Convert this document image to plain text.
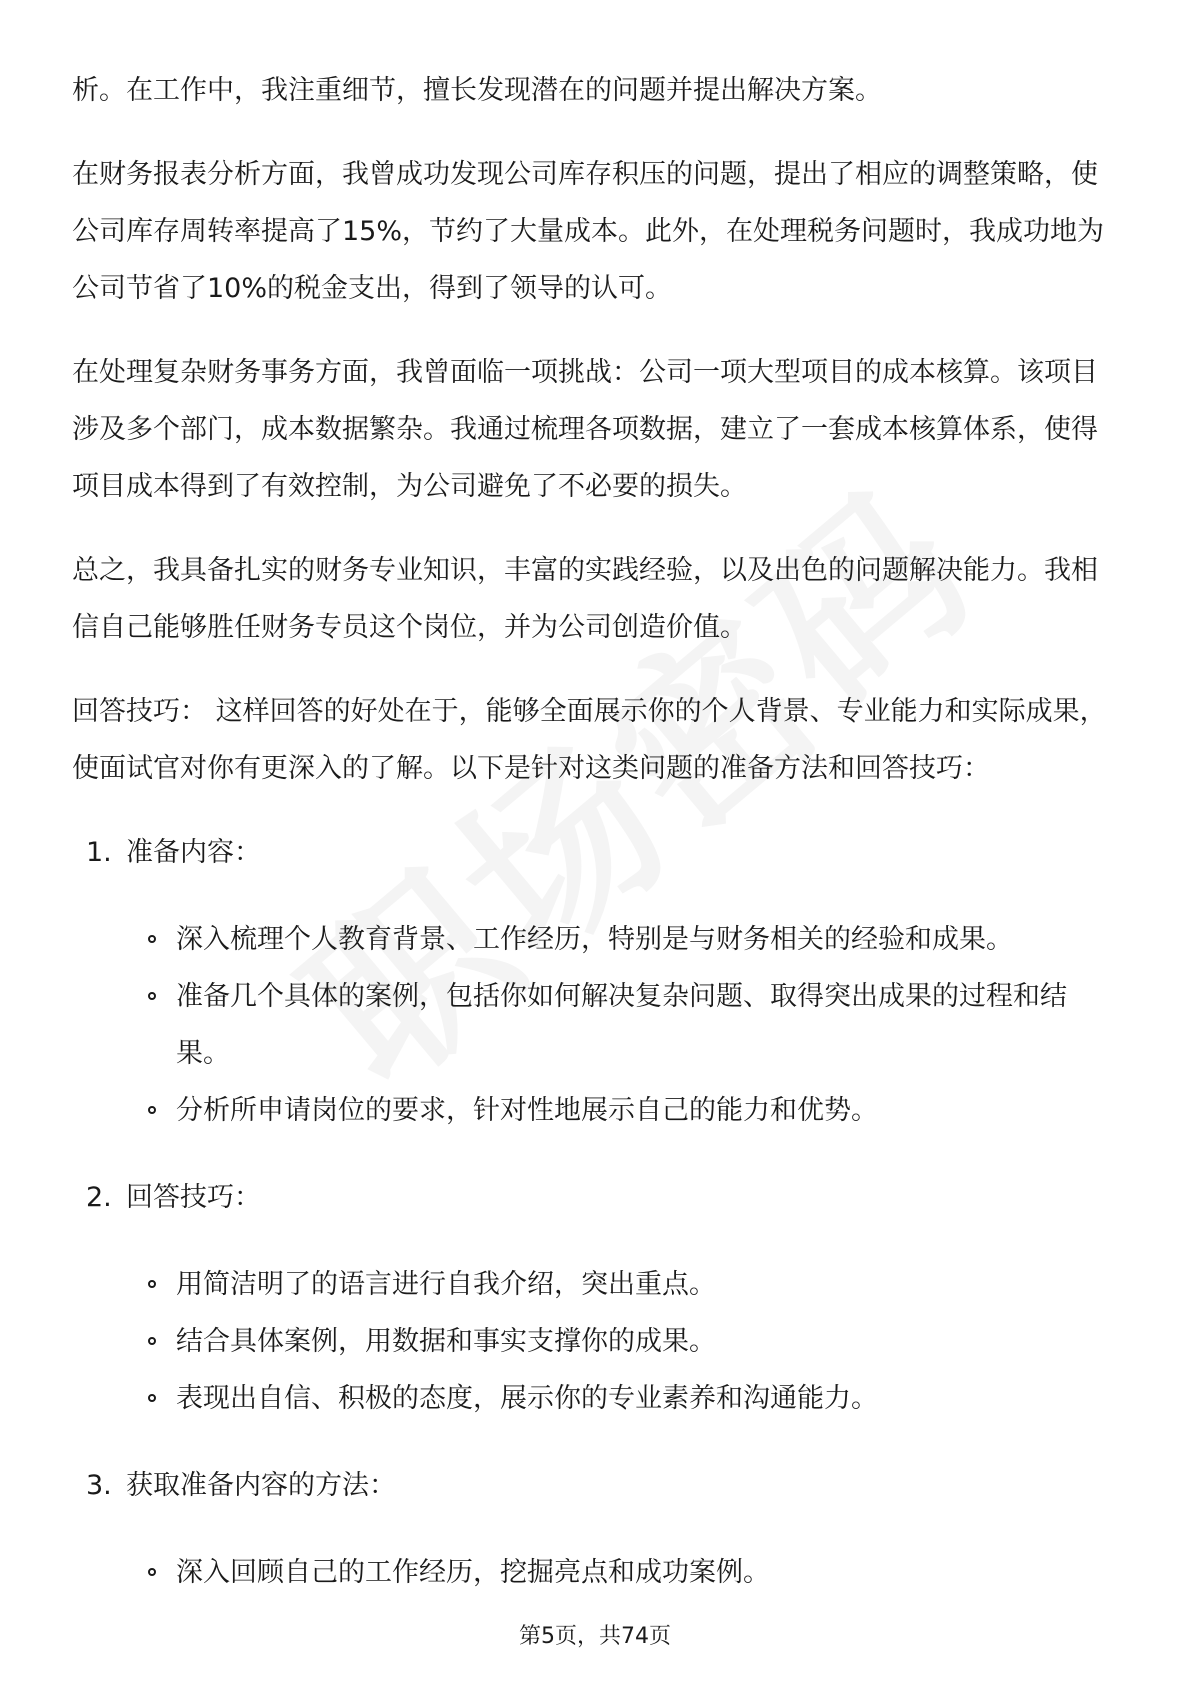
析。在工作中，我注重细节，擅长发现潜在的问题并提出解决方案。

在财务报表分析方面，我曾成功发现公司库存积压的问题，提出了相应的调整策略，使公司库存周转率提高了15%，节约了大量成本。此外，在处理税务问题时，我成功地为公司节省了10%的税金支出，得到了领导的认可。

在处理复杂财务事务方面，我曾面临一项挑战：公司一项大型项目的成本核算。该项目涉及多个部门，成本数据繁杂。我通过梳理各项数据，建立了一套成本核算体系，使得项目成本得到了有效控制，为公司避免了不必要的损失。

总之，我具备扎实的财务专业知识，丰富的实践经验，以及出色的问题解决能力。我相信自己能够胜任财务专员这个岗位，并为公司创造价值。

回答技巧： 这样回答的好处在于，能够全面展示你的个人背景、专业能力和实际成果，使面试官对你有更深入的了解。以下是针对这类问题的准备方法和回答技巧：

1. 准备内容：
深入梳理个人教育背景、工作经历，特别是与财务相关的经验和成果。
准备几个具体的案例，包括你如何解决复杂问题、取得突出成果的过程和结果。
分析所申请岗位的要求，针对性地展示自己的能力和优势。
2. 回答技巧：
用简洁明了的语言进行自我介绍，突出重点。
结合具体案例，用数据和事实支撑你的成果。
表现出自信、积极的态度，展示你的专业素养和沟通能力。
3. 获取准备内容的方法：
深入回顾自己的工作经历，挖掘亮点和成功案例。
第5页，共74页
